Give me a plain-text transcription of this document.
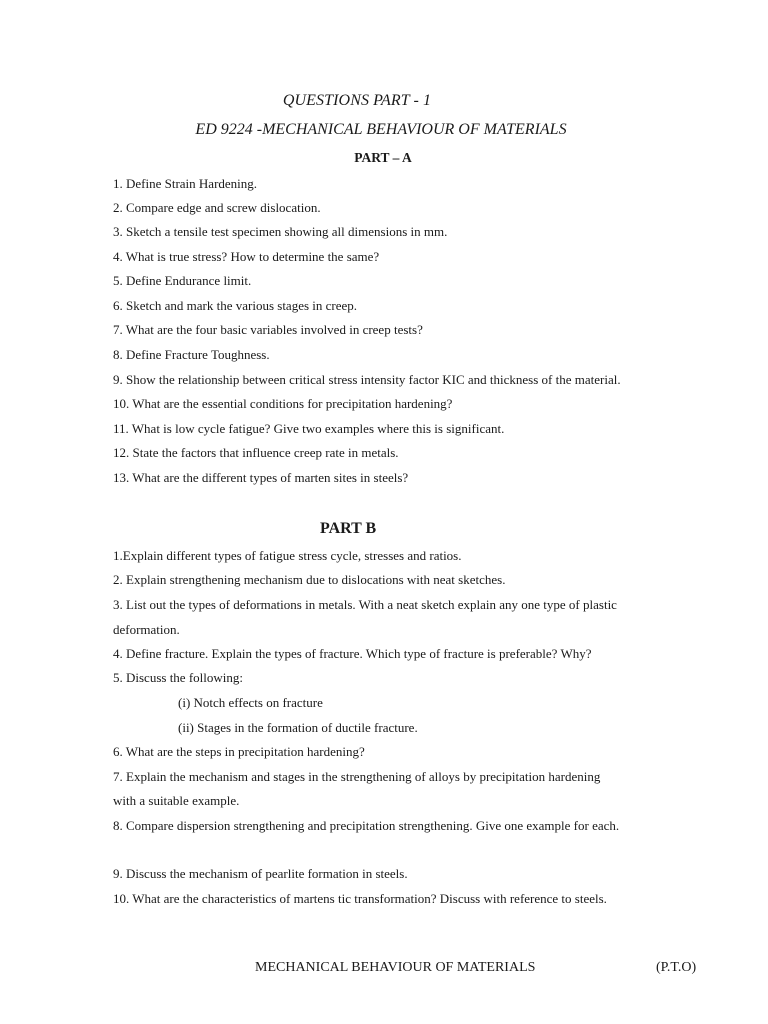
QUESTIONS PART - 1
ED 9224 -MECHANICAL BEHAVIOUR OF MATERIALS
PART – A
1. Define Strain Hardening.
2. Compare edge and screw dislocation.
3. Sketch a tensile test specimen showing all dimensions in mm.
4. What is true stress? How to determine the same?
5. Define Endurance limit.
6. Sketch and mark the various stages in creep.
7. What are the four basic variables involved in creep tests?
8. Define Fracture Toughness.
9. Show the relationship between critical stress intensity factor KIC and thickness of the material.
10. What are the essential conditions for precipitation hardening?
11. What is low cycle fatigue? Give two examples where this is significant.
12. State the factors that influence creep rate in metals.
13. What are the different types of marten sites in steels?
PART B
1.Explain different types of fatigue stress cycle, stresses and ratios.
2. Explain strengthening mechanism due to dislocations with neat sketches.
3. List out the types of deformations in metals. With a neat sketch explain any one type of plastic
deformation.
4. Define fracture. Explain the types of fracture. Which type of fracture is preferable? Why?
5. Discuss the following:
(i) Notch effects on fracture
(ii) Stages in the formation of ductile fracture.
6. What are the steps in precipitation hardening?
7. Explain the mechanism and stages in the strengthening of alloys by precipitation hardening
with a suitable example.
8. Compare dispersion strengthening and precipitation strengthening. Give one example for each.
9. Discuss the mechanism of pearlite formation in steels.
10. What are the characteristics of martens tic transformation? Discuss with reference to steels.
MECHANICAL BEHAVIOUR OF MATERIALS	(P.T.O)
